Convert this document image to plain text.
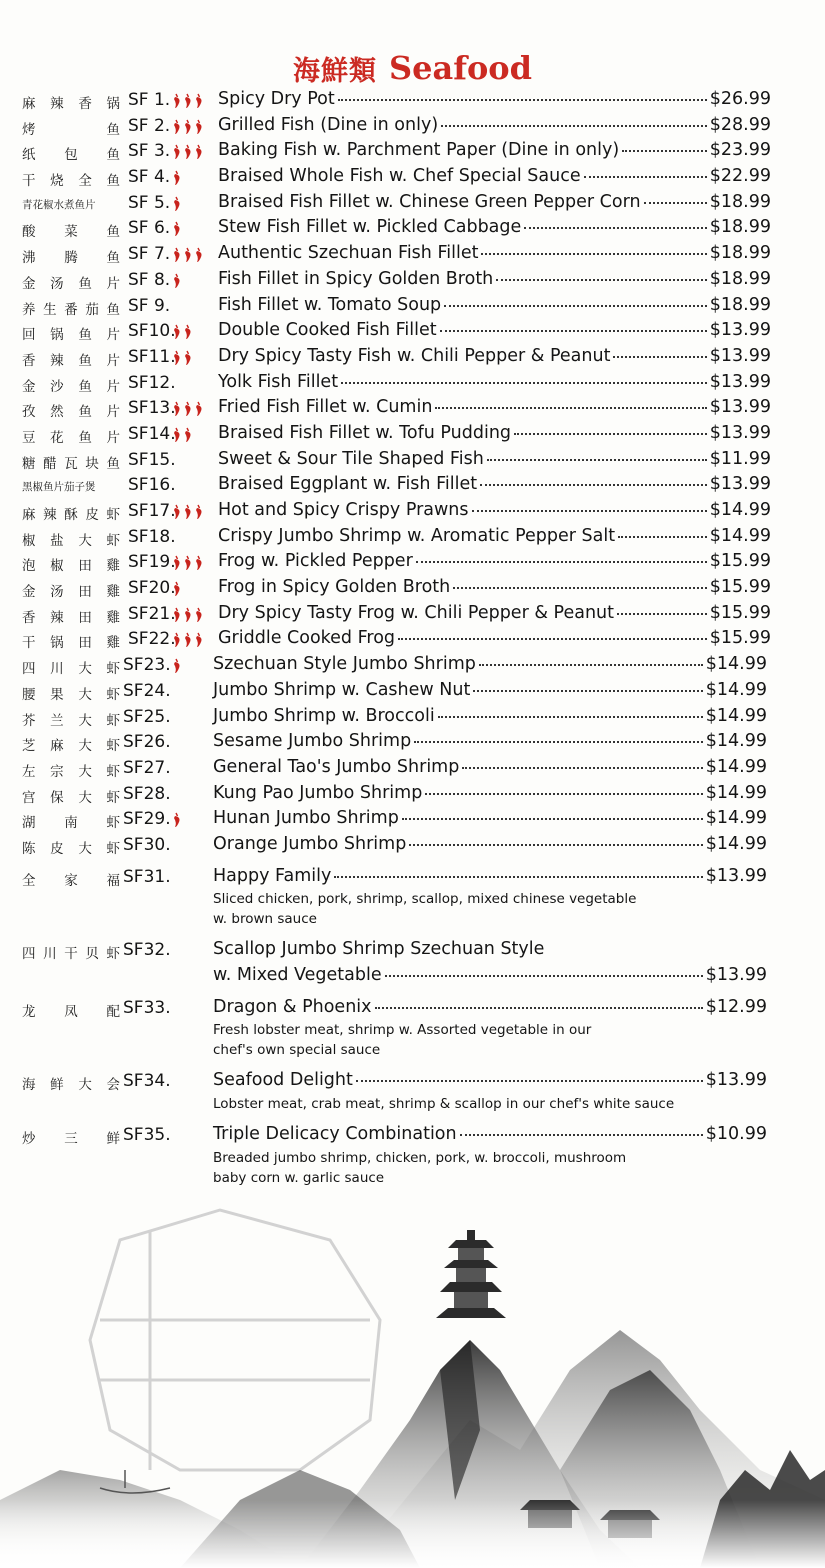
海鮮類 Seafood
麻 辣 香 锅 SF 1.	Spicy Dry Pot	$26.99
烤	鱼 SF 2.	Grilled Fish (Dine in only)	$28.99
纸 包 鱼 SF 3.	Baking Fish w. Parchment Paper (Dine in only)	$23.99
干 烧 全 鱼 SF 4.	Braised Whole Fish w. Chef Special Sauce	$22.99
青花椒水煮鱼片	SF 5.	Braised Fish Fillet w. Chinese Green Pepper Corn	$18.99
酸 菜 鱼 SF 6.	Stew Fish Fillet w. Pickled Cabbage	$18.99
沸 腾 鱼 SF 7.	Authentic Szechuan Fish Fillet	$18.99
金 汤 鱼 片 SF 8.	Fish Fillet in Spicy Golden Broth	$18.99
养 生 番 茄 鱼 SF 9.	Fish Fillet w. Tomato Soup	$18.99
回 锅 鱼 片 SF10. Double Cooked Fish Fillet	$13.99
香 辣 鱼 片 SF11. Dry Spicy Tasty Fish w. Chili Pepper & Peanut	$13.99
金 沙 鱼 片 SF12. Yolk Fish Fillet	$13.99
孜 然 鱼 片 SF13. Fried Fish Fillet w. Cumin	$13.99
豆 花 鱼 片 SF14. Braised Fish Fillet w. Tofu Pudding	$13.99
糖 醋 瓦 块 鱼 SF15. Sweet & Sour Tile Shaped Fish	$11.99
黑椒鱼片茄子煲	SF16. Braised Eggplant w. Fish Fillet	$13.99
麻 辣 酥 皮 虾 SF17. Hot and Spicy Crispy Prawns	$14.99
椒 盐 大 虾 SF18. Crispy Jumbo Shrimp w. Aromatic Pepper Salt	$14.99
泡 椒 田 雞 SF19. Frog w. Pickled Pepper	$15.99
金 汤 田 雞 SF20. Frog in Spicy Golden Broth	$15.99
香 辣 田 雞 SF21. Dry Spicy Tasty Frog w. Chili Pepper & Peanut	$15.99
干 锅 田 雞 SF22. Griddle Cooked Frog	$15.99
四 川 大 虾 SF23. Szechuan Style Jumbo Shrimp	$14.99
腰 果 大 虾 SF24. Jumbo Shrimp w. Cashew Nut	$14.99
芥 兰 大 虾 SF25. Jumbo Shrimp w. Broccoli	$14.99
芝 麻 大 虾 SF26. Sesame Jumbo Shrimp	$14.99
左 宗 大 虾 SF27. General Tao's Jumbo Shrimp	$14.99
宫 保 大 虾 SF28. Kung Pao Jumbo Shrimp	$14.99
湖 南 虾 SF29. Hunan Jumbo Shrimp	$14.99
陈 皮 大 虾 SF30. Orange Jumbo Shrimp	$14.99
全 家 福 SF31. Happy Family	$13.99
Sliced chicken, pork, shrimp, scallop, mixed chinese vegetable
w. brown sauce
四 川 干 贝 虾 SF32. Scallop Jumbo Shrimp Szechuan Style
w. Mixed Vegetable	$13.99
龙 凤 配 SF33. Dragon & Phoenix	$12.99
Fresh lobster meat, shrimp w. Assorted vegetable in our
chef's own special sauce
海 鲜 大 会 SF34. Seafood Delight	$13.99
Lobster meat, crab meat, shrimp & scallop in our chef's white sauce
炒 三 鲜 SF35. Triple Delicacy Combination	$10.99
Breaded jumbo shrimp, chicken, pork, w. broccoli, mushroom
baby corn w. garlic sauce
